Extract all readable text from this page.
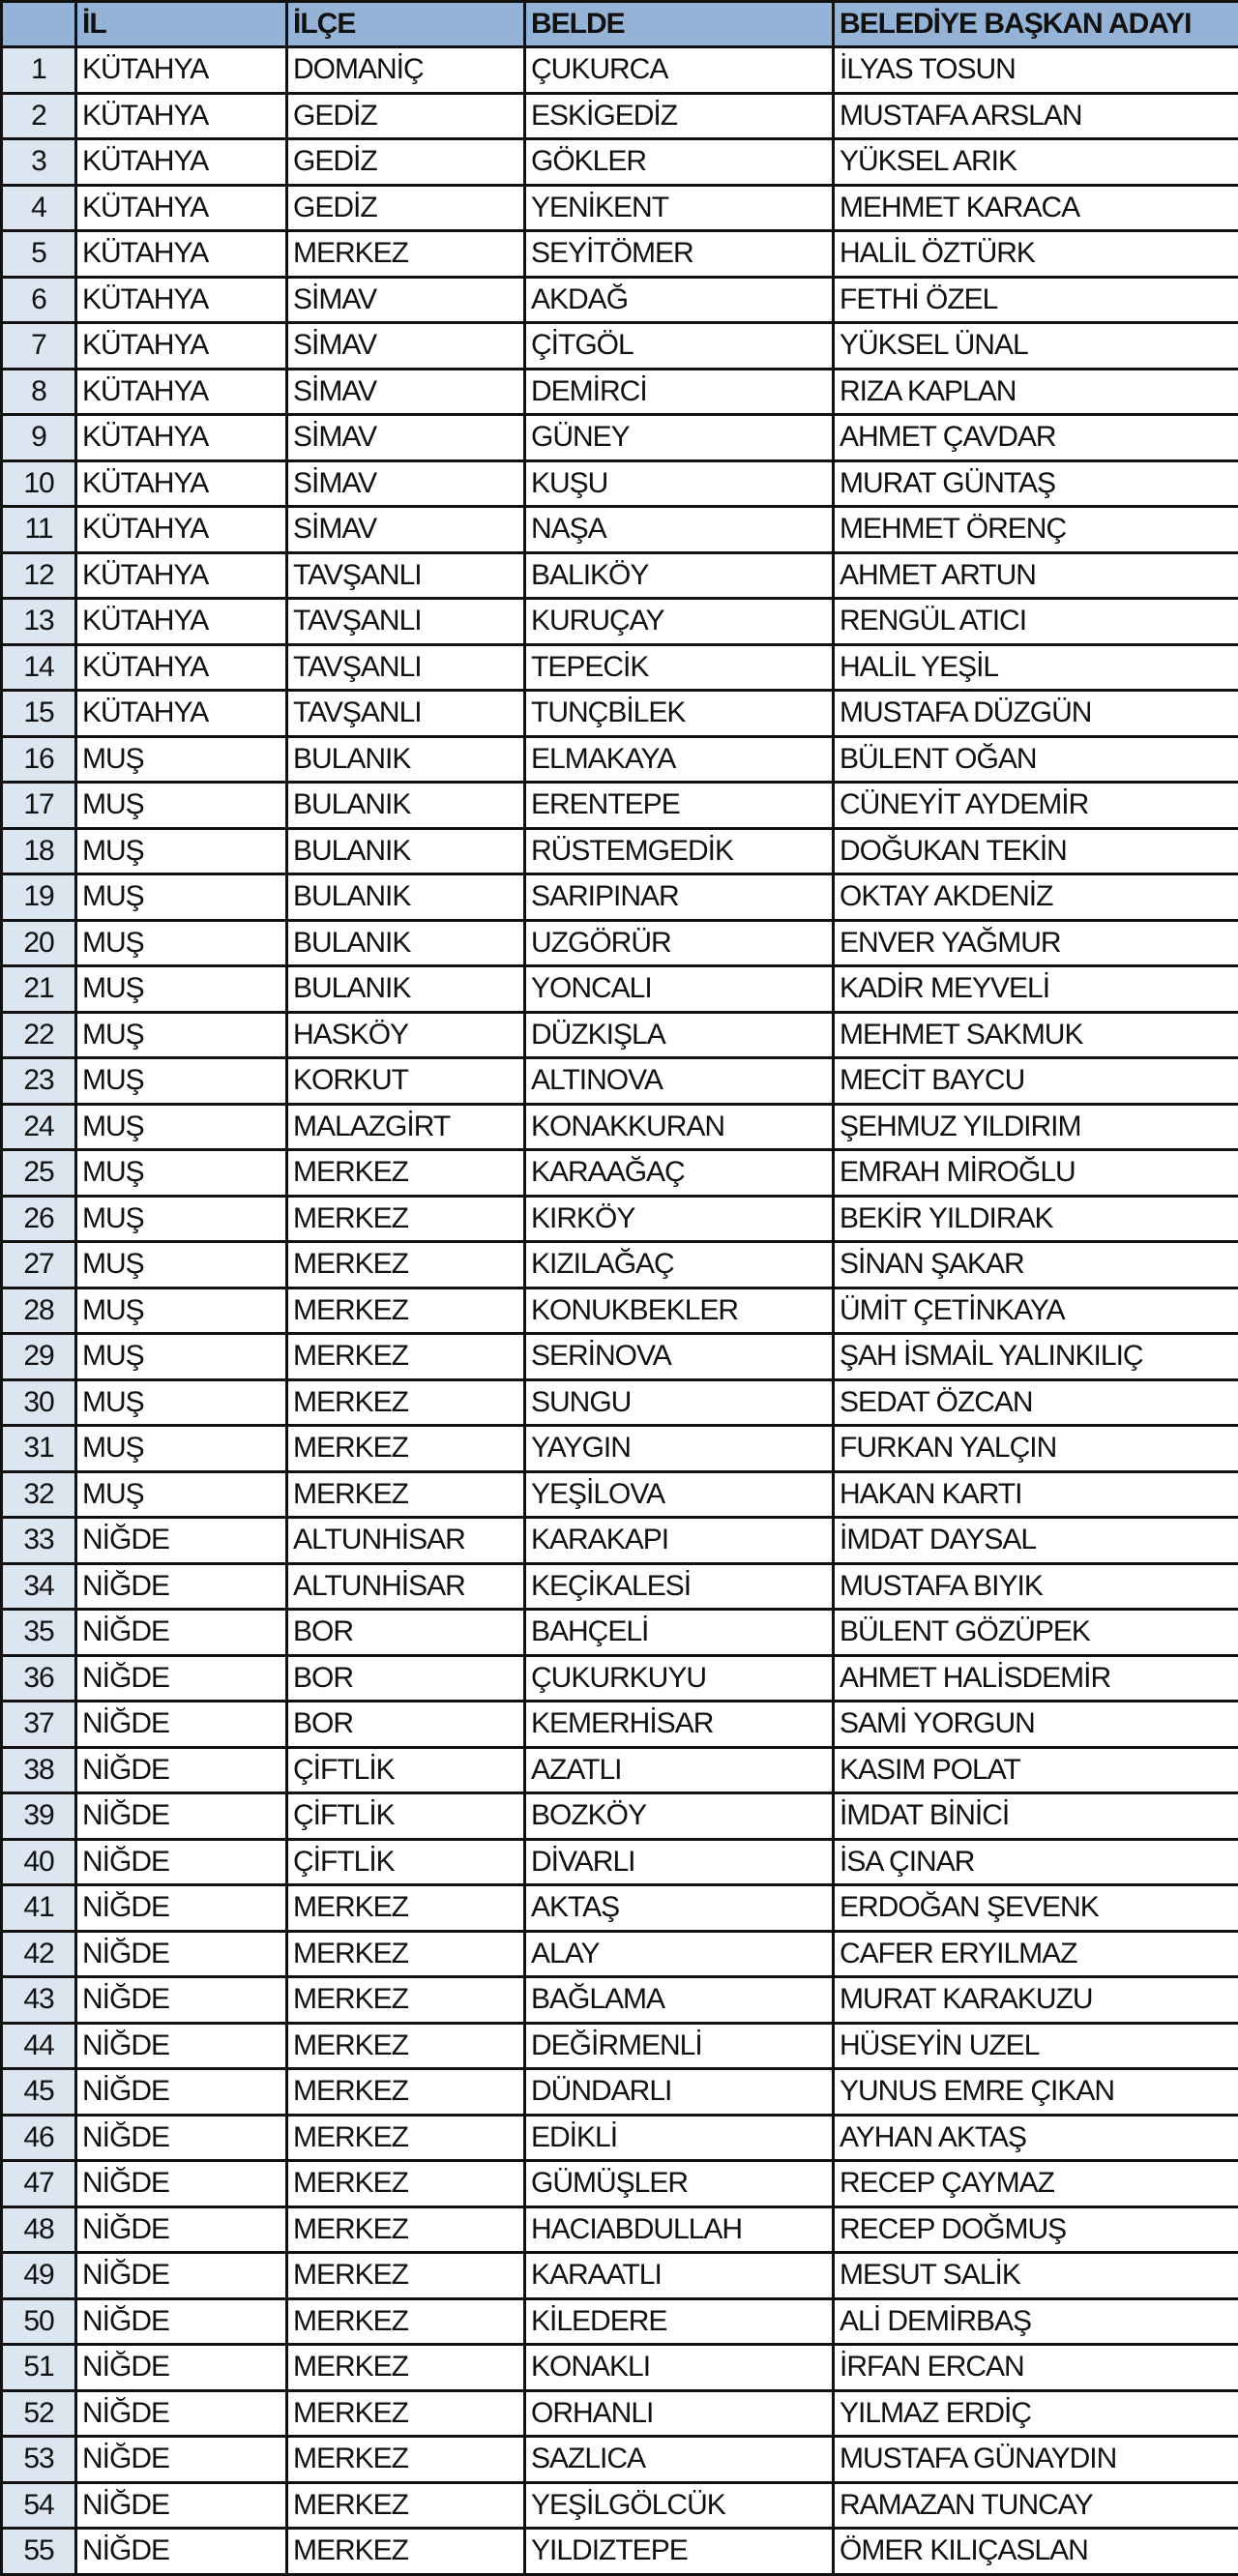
	İL	İLÇE	BELDE	BELEDİYE BAŞKAN ADAYI
1	KÜTAHYA	DOMANİÇ	ÇUKURCA	İLYAS TOSUN
2	KÜTAHYA	GEDİZ	ESKİGEDİZ	MUSTAFA ARSLAN
3	KÜTAHYA	GEDİZ	GÖKLER	YÜKSEL ARIK
4	KÜTAHYA	GEDİZ	YENİKENT	MEHMET KARACA
5	KÜTAHYA	MERKEZ	SEYİTÖMER	HALİL ÖZTÜRK
6	KÜTAHYA	SİMAV	AKDAĞ	FETHİ ÖZEL
7	KÜTAHYA	SİMAV	ÇİTGÖL	YÜKSEL ÜNAL
8	KÜTAHYA	SİMAV	DEMİRCİ	RIZA KAPLAN
9	KÜTAHYA	SİMAV	GÜNEY	AHMET ÇAVDAR
10	KÜTAHYA	SİMAV	KUŞU	MURAT GÜNTAŞ
11	KÜTAHYA	SİMAV	NAŞA	MEHMET ÖRENÇ
12	KÜTAHYA	TAVŞANLI	BALIKÖY	AHMET ARTUN
13	KÜTAHYA	TAVŞANLI	KURUÇAY	RENGÜL ATICI
14	KÜTAHYA	TAVŞANLI	TEPECİK	HALİL YEŞİL
15	KÜTAHYA	TAVŞANLI	TUNÇBİLEK	MUSTAFA DÜZGÜN
16	MUŞ	BULANIK	ELMAKAYA	BÜLENT OĞAN
17	MUŞ	BULANIK	ERENTEPE	CÜNEYİT AYDEMİR
18	MUŞ	BULANIK	RÜSTEMGEDİK	DOĞUKAN TEKİN
19	MUŞ	BULANIK	SARIPINAR	OKTAY AKDENİZ
20	MUŞ	BULANIK	UZGÖRÜR	ENVER YAĞMUR
21	MUŞ	BULANIK	YONCALI	KADİR MEYVELİ
22	MUŞ	HASKÖY	DÜZKIŞLA	MEHMET SAKMUK
23	MUŞ	KORKUT	ALTINOVA	MECİT BAYCU
24	MUŞ	MALAZGİRT	KONAKKURAN	ŞEHMUZ YILDIRIM
25	MUŞ	MERKEZ	KARAAĞAÇ	EMRAH MİROĞLU
26	MUŞ	MERKEZ	KIRKÖY	BEKİR YILDIRAK
27	MUŞ	MERKEZ	KIZILAĞAÇ	SİNAN ŞAKAR
28	MUŞ	MERKEZ	KONUKBEKLER	ÜMİT ÇETİNKAYA
29	MUŞ	MERKEZ	SERİNOVA	ŞAH İSMAİL YALINKILIÇ
30	MUŞ	MERKEZ	SUNGU	SEDAT ÖZCAN
31	MUŞ	MERKEZ	YAYGIN	FURKAN YALÇIN
32	MUŞ	MERKEZ	YEŞİLOVA	HAKAN KARTI
33	NİĞDE	ALTUNHİSAR	KARAKAPI	İMDAT DAYSAL
34	NİĞDE	ALTUNHİSAR	KEÇİKALESİ	MUSTAFA BIYIK
35	NİĞDE	BOR	BAHÇELİ	BÜLENT GÖZÜPEK
36	NİĞDE	BOR	ÇUKURKUYU	AHMET HALİSDEMİR
37	NİĞDE	BOR	KEMERHİSAR	SAMİ YORGUN
38	NİĞDE	ÇİFTLİK	AZATLI	KASIM POLAT
39	NİĞDE	ÇİFTLİK	BOZKÖY	İMDAT BİNİCİ
40	NİĞDE	ÇİFTLİK	DİVARLI	İSA ÇINAR
41	NİĞDE	MERKEZ	AKTAŞ	ERDOĞAN ŞEVENK
42	NİĞDE	MERKEZ	ALAY	CAFER ERYILMAZ
43	NİĞDE	MERKEZ	BAĞLAMA	MURAT KARAKUZU
44	NİĞDE	MERKEZ	DEĞİRMENLİ	HÜSEYİN UZEL
45	NİĞDE	MERKEZ	DÜNDARLI	YUNUS EMRE ÇIKAN
46	NİĞDE	MERKEZ	EDİKLİ	AYHAN AKTAŞ
47	NİĞDE	MERKEZ	GÜMÜŞLER	RECEP ÇAYMAZ
48	NİĞDE	MERKEZ	HACIABDULLAH	RECEP DOĞMUŞ
49	NİĞDE	MERKEZ	KARAATLI	MESUT SALİK
50	NİĞDE	MERKEZ	KİLEDERE	ALİ DEMİRBAŞ
51	NİĞDE	MERKEZ	KONAKLI	İRFAN ERCAN
52	NİĞDE	MERKEZ	ORHANLI	YILMAZ ERDİÇ
53	NİĞDE	MERKEZ	SAZLICA	MUSTAFA GÜNAYDIN
54	NİĞDE	MERKEZ	YEŞİLGÖLCÜK	RAMAZAN TUNCAY
55	NİĞDE	MERKEZ	YILDIZTEPE	ÖMER KILIÇASLAN
